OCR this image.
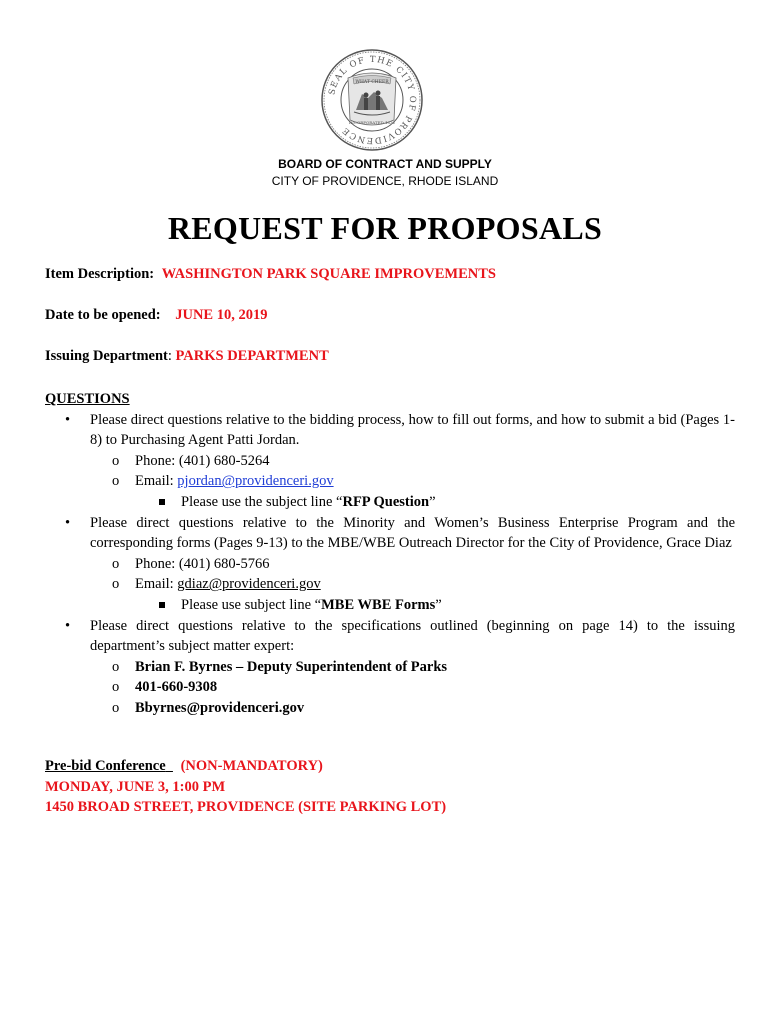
SEAL OF THE CITY OF PROVIDENCE
WHAT CHEER
INCORPORATED 1832
BOARD OF CONTRACT AND SUPPLY
CITY OF PROVIDENCE, RHODE ISLAND
REQUEST FOR PROPOSALS
Item Description: WASHINGTON PARK SQUARE IMPROVEMENTS
Date to be opened: JUNE 10, 2019
Issuing Department: PARKS DEPARTMENT
QUESTIONS
• Please direct questions relative to the bidding process, how to fill out forms, and how to submit a bid (Pages 1-8) to Purchasing Agent Patti Jordan.
o Phone: (401) 680-5264
o Email: pjordan@providenceri.gov
Please use the subject line “RFP Question”
• Please direct questions relative to the Minority and Women’s Business Enterprise Program and the corresponding forms (Pages 9-13) to the MBE/WBE Outreach Director for the City of Providence, Grace Diaz
o Phone: (401) 680-5766
o Email: gdiaz@providenceri.gov
Please use subject line “MBE WBE Forms”
• Please direct questions relative to the specifications outlined (beginning on page 14) to the issuing department’s subject matter expert:
o Brian F. Byrnes – Deputy Superintendent of Parks
o 401-660-9308
o Bbyrnes@providenceri.gov
Pre-bid Conference (NON-MANDATORY)
MONDAY, JUNE 3, 1:00 PM
1450 BROAD STREET, PROVIDENCE (SITE PARKING LOT)
